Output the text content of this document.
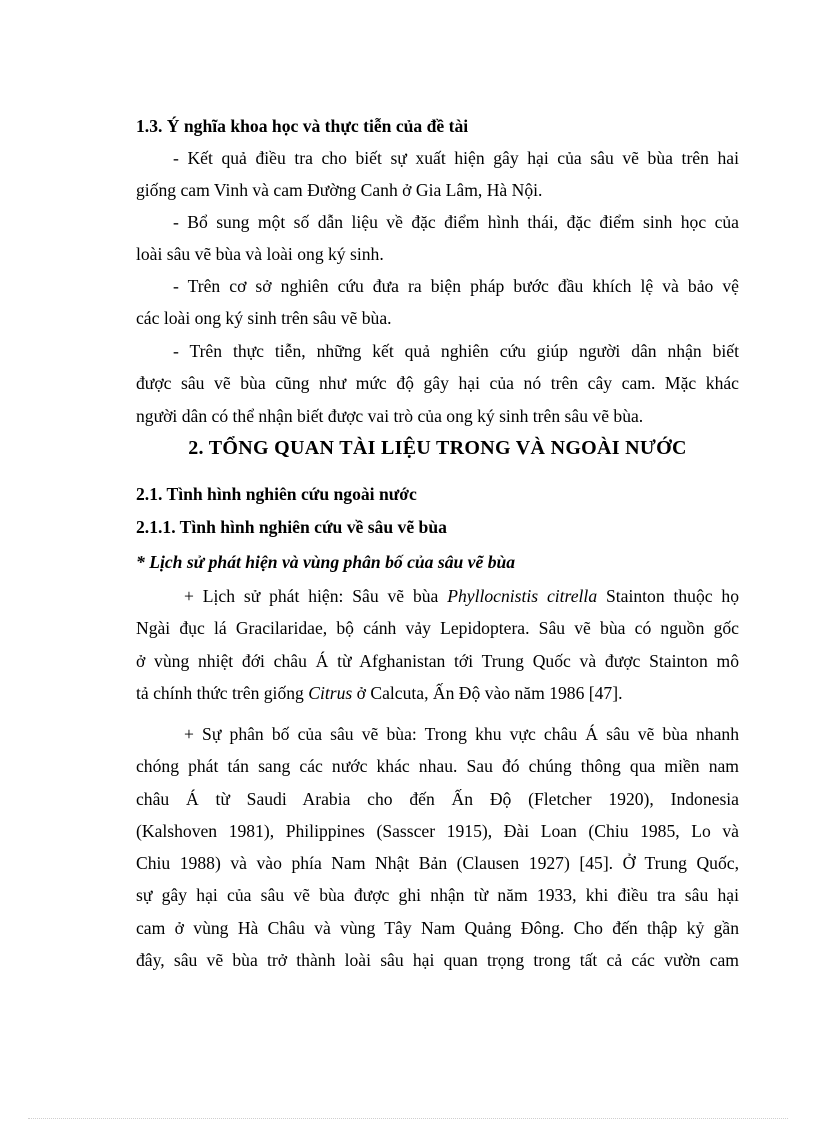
1.3. Ý nghĩa khoa học và thực tiễn của đề tài
- Kết quả điều tra cho biết sự xuất hiện gây hại của sâu vẽ bùa trên hai
giống cam Vinh và cam Đường Canh ở Gia Lâm, Hà Nội.
- Bổ sung một số dẫn liệu về đặc điểm hình thái, đặc điểm sinh học của
loài sâu vẽ bùa và loài ong ký sinh.
- Trên cơ sở nghiên cứu đưa ra biện pháp bước đầu khích lệ và bảo vệ
các loài ong ký sinh trên sâu vẽ bùa.
- Trên thực tiễn, những kết quả nghiên cứu giúp người dân nhận biết
được sâu vẽ bùa cũng như mức độ gây hại của nó trên cây cam. Mặc khác
người dân có thể nhận biết được vai trò của ong ký sinh trên sâu vẽ bùa.
2. TỔNG QUAN TÀI LIỆU TRONG VÀ NGOÀI NƯỚC
2.1. Tình hình nghiên cứu ngoài nước
2.1.1. Tình hình nghiên cứu về sâu vẽ bùa
* Lịch sử phát hiện và vùng phân bố của sâu vẽ bùa
+ Lịch sử phát hiện: Sâu vẽ bùa Phyllocnistis citrella Stainton thuộc họ
Ngài đục lá Gracilaridae, bộ cánh vảy Lepidoptera. Sâu vẽ bùa có nguồn gốc
ở vùng nhiệt đới châu Á từ Afghanistan tới Trung Quốc và được Stainton mô
tả chính thức trên giống Citrus ở Calcuta, Ấn Độ vào năm 1986 [47].
+ Sự phân bố của sâu vẽ bùa: Trong khu vực châu Á sâu vẽ bùa nhanh
chóng phát tán sang các nước khác nhau. Sau đó chúng thông qua miền nam
châu Á từ Saudi Arabia cho đến Ấn Độ (Fletcher 1920), Indonesia
(Kalshoven 1981), Philippines (Sasscer 1915), Đài Loan (Chiu 1985, Lo và
Chiu 1988) và vào phía Nam Nhật Bản (Clausen 1927) [45]. Ở Trung Quốc,
sự gây hại của sâu vẽ bùa được ghi nhận từ năm 1933, khi điều tra sâu hại
cam ở vùng Hà Châu và vùng Tây Nam Quảng Đông. Cho đến thập kỷ gần
đây, sâu vẽ bùa trở thành loài sâu hại quan trọng trong tất cả các vườn cam
